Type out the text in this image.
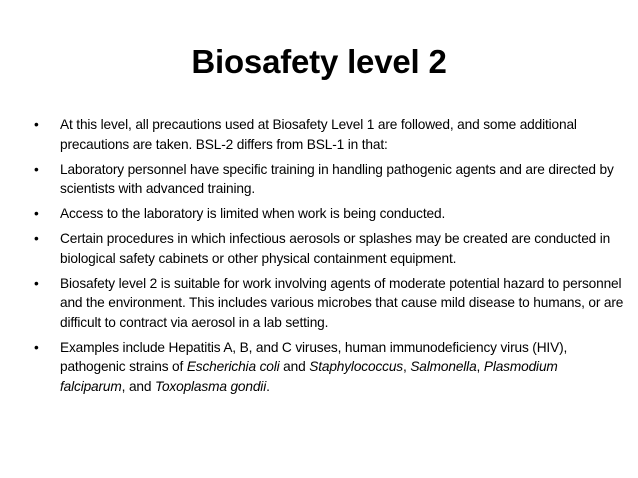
Biosafety level 2
• At this level, all precautions used at Biosafety Level 1 are followed, and some additional precautions are taken. BSL-2 differs from BSL-1 in that:
• Laboratory personnel have specific training in handling pathogenic agents and are directed by scientists with advanced training.
• Access to the laboratory is limited when work is being conducted.
• Certain procedures in which infectious aerosols or splashes may be created are conducted in biological safety cabinets or other physical containment equipment.
• Biosafety level 2 is suitable for work involving agents of moderate potential hazard to personnel and the environment. This includes various microbes that cause mild disease to humans, or are difficult to contract via aerosol in a lab setting.
• Examples include Hepatitis A, B, and C viruses, human immunodeficiency virus (HIV), pathogenic strains of Escherichia coli and Staphylococcus, Salmonella, Plasmodium falciparum, and Toxoplasma gondii.
